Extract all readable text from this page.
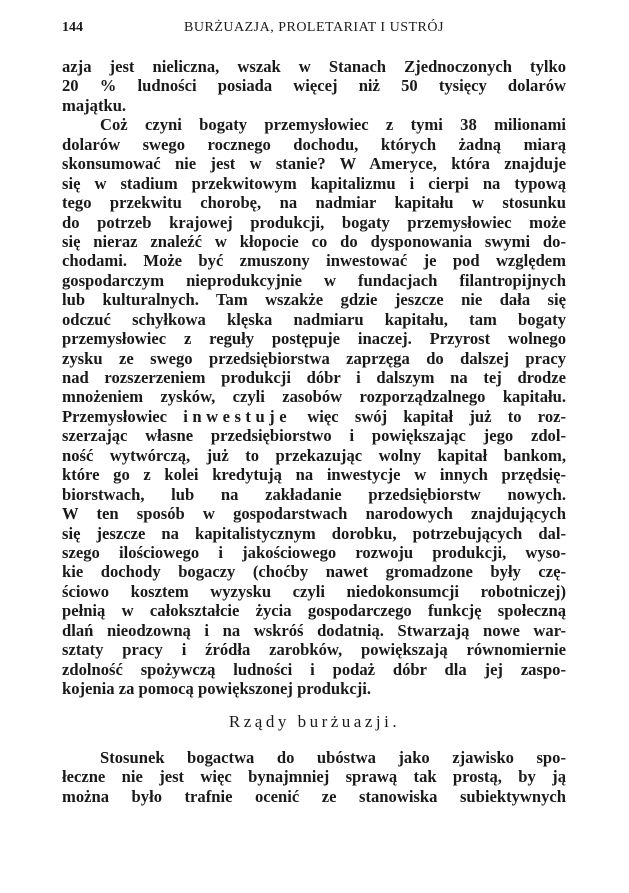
144	BURŻUAZJA, PROLETARIAT I USTRÓJ
azja jest nieliczna, wszak w Stanach Zjednoczonych tylko
20 % ludności posiada więcej niż 50 tysięcy dolarów
majątku.
Coż czyni bogaty przemysłowiec z tymi 38 milionami
dolarów swego rocznego dochodu, których żadną miarą
skonsumować nie jest w stanie? W Ameryce, która znajduje
się w stadium przekwitowym kapitalizmu i cierpi na typową
tego przekwitu chorobę, na nadmiar kapitału w stosunku
do potrzeb krajowej produkcji, bogaty przemysłowiec może
się nieraz znaleźć w kłopocie co do dysponowania swymi do-
chodami. Może być zmuszony inwestować je pod względem
gospodarczym nieprodukcyjnie w fundacjach filantropijnych
lub kulturalnych. Tam wszakże gdzie jeszcze nie dała się
odczuć schyłkowa klęska nadmiaru kapitału, tam bogaty
przemysłowiec z reguły postępuje inaczej. Przyrost wolnego
zysku ze swego przedsiębiorstwa zaprzęga do dalszej pracy
nad rozszerzeniem produkcji dóbr i dalszym na tej drodze
mnożeniem zysków, czyli zasobów rozporządzalnego kapitału.
Przemysłowiec inwestuje więc swój kapitał już to roz-
szerzając własne przedsiębiorstwo i powiększając jego zdol-
ność wytwórczą, już to przekazując wolny kapitał bankom,
które go z kolei kredytują na inwestycje w innych przędsię-
biorstwach, lub na zakładanie przedsiębiorstw nowych.
W ten sposób w gospodarstwach narodowych znajdujących
się jeszcze na kapitalistycznym dorobku, potrzebujących dal-
szego ilościowego i jakościowego rozwoju produkcji, wyso-
kie dochody bogaczy (choćby nawet gromadzone były czę-
ściowo kosztem wyzysku czyli niedokonsumcji robotniczej)
pełnią w całokształcie życia gospodarczego funkcję społeczną
dlań nieodzowną i na wskróś dodatnią. Stwarzają nowe war-
sztaty pracy i źródła zarobków, powiększają równomiernie
zdolność spożywczą ludności i podaż dóbr dla jej zaspo-
kojenia za pomocą powiększonej produkcji.
Rządy burżuazji.
Stosunek bogactwa do ubóstwa jako zjawisko spo-
łeczne nie jest więc bynajmniej sprawą tak prostą, by ją
można było trafnie ocenić ze stanowiska subiektywnych
